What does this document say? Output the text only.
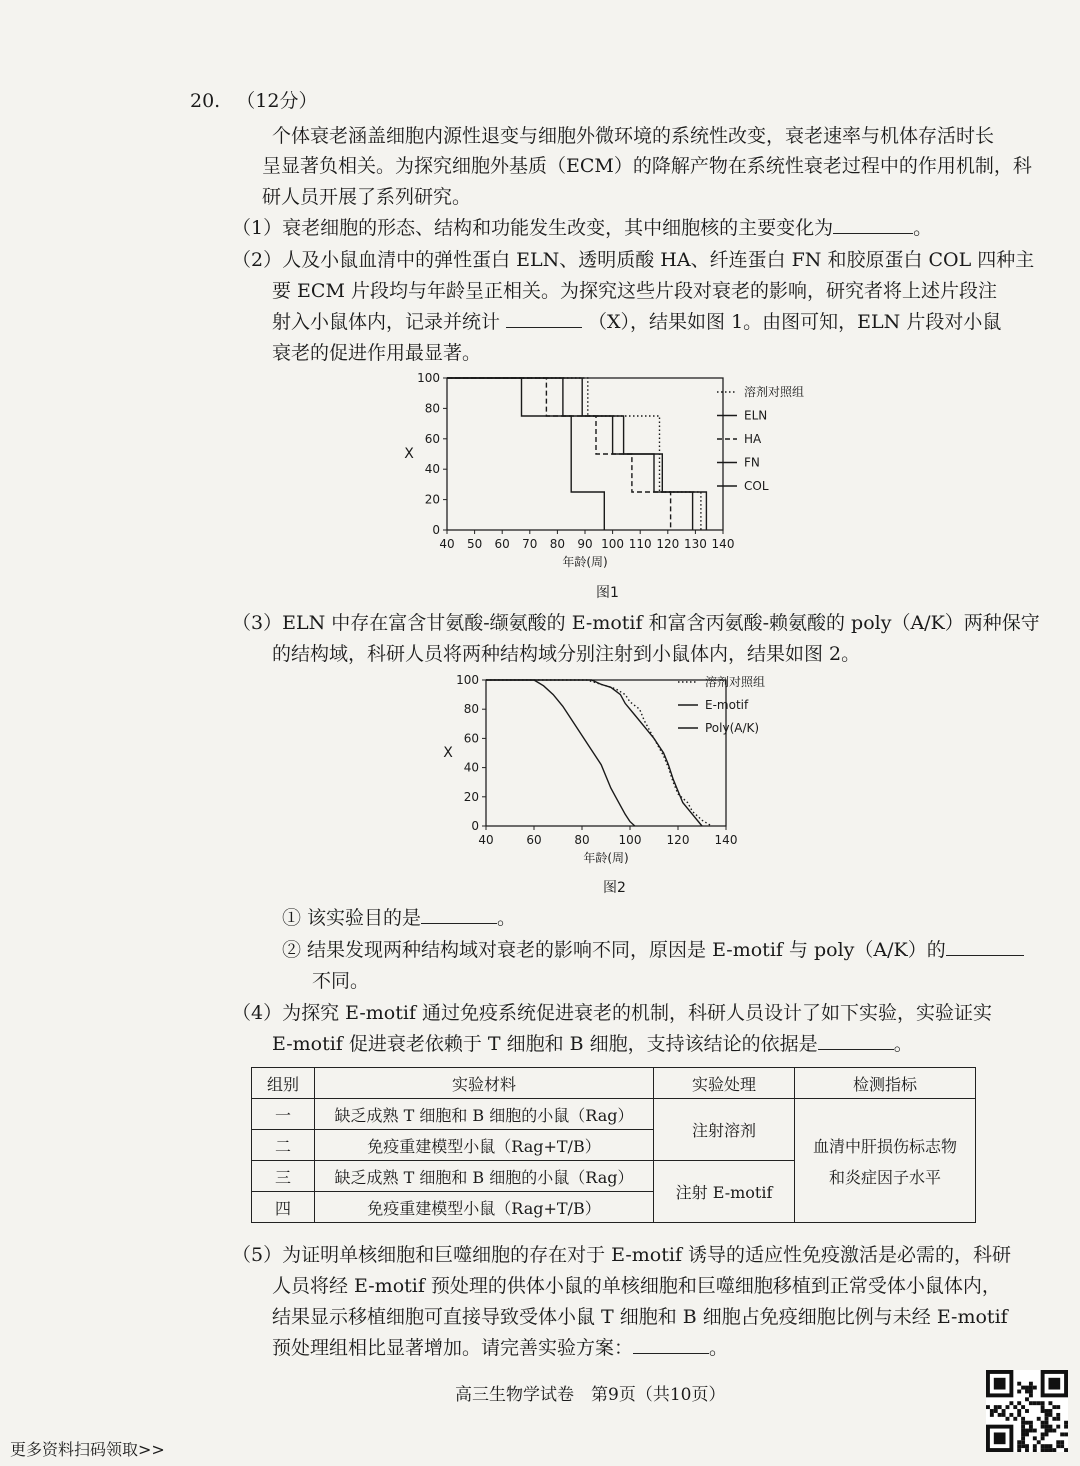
20. （12分）
个体衰老涵盖细胞内源性退变与细胞外微环境的系统性改变，衰老速率与机体存活时长
呈显著负相关。为探究细胞外基质（ECM）的降解产物在系统性衰老过程中的作用机制，科
研人员开展了系列研究。
（1）衰老细胞的形态、结构和功能发生改变，其中细胞核的主要变化为	。
（2）人及小鼠血清中的弹性蛋白 ELN、透明质酸 HA、纤连蛋白 FN 和胶原蛋白 COL 四种主
要 ECM 片段均与年龄呈正相关。为探究这些片段对衰老的影响，研究者将上述片段注
射入小鼠体内，记录并统计	（X），结果如图 1。由图可知，ELN 片段对小鼠
衰老的促进作用最显著。
40 50 60 70 80 90 100 110 120 130 140
0
20
40
60
80
100
X
年龄(周)
溶剂对照组
ELN
HA
FN
COL
图1
（3）ELN 中存在富含甘氨酸-缬氨酸的 E-motif 和富含丙氨酸-赖氨酸的 poly（A/K）两种保守
的结构域，科研人员将两种结构域分别注射到小鼠体内，结果如图 2。
40	60	80 100 120 140
0
20
40
60
80
100
X
年龄(周)
溶剂对照组
E-motif
Poly(A/K)
图2
① 该实验目的是	。
② 结果发现两种结构域对衰老的影响不同，原因是 E-motif 与 poly（A/K）的
不同。
（4）为探究 E-motif 通过免疫系统促进衰老的机制，科研人员设计了如下实验，实验证实
E-motif 促进衰老依赖于 T 细胞和 B 细胞，支持该结论的依据是	。
组别	实验材料	实验处理	检测指标
一	缺乏成熟 T 细胞和 B 细胞的小鼠（Rag）	注射溶剂	血清中肝损伤标志物
和炎症因子水平

二	免疫重建模型小鼠（Rag+T/B）		
三	缺乏成熟 T 细胞和 B 细胞的小鼠（Rag）	注射 E-motif	
四	免疫重建模型小鼠（Rag+T/B）		
（5）为证明单核细胞和巨噬细胞的存在对于 E-motif 诱导的适应性免疫激活是必需的，科研
人员将经 E-motif 预处理的供体小鼠的单核细胞和巨噬细胞移植到正常受体小鼠体内，
结果显示移植细胞可直接导致受体小鼠 T 细胞和 B 细胞占免疫细胞比例与未经 E-motif
预处理组相比显著增加。请完善实验方案：	。
高三生物学试卷　第9页（共10页）
更多资料扫码领取>>
